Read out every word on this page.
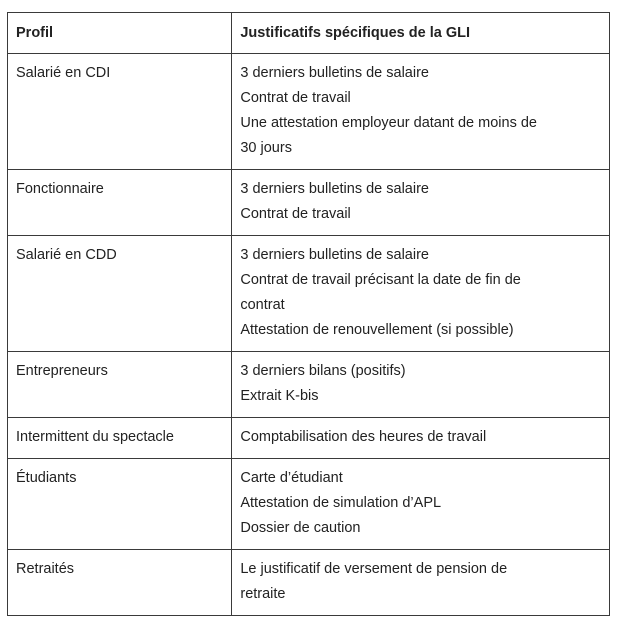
Profil	Justificatifs spécifiques de la GLI
Salarié en CDI	3 derniers bulletins de salaire
Contrat de travail
Une attestation employeur datant de moins de
30 jours

Fonctionnaire	3 derniers bulletins de salaire
Contrat de travail

Salarié en CDD	3 derniers bulletins de salaire
Contrat de travail précisant la date de fin de
contrat
Attestation de renouvellement (si possible)

Entrepreneurs	3 derniers bilans (positifs)
Extrait K-bis

Intermittent du spectacle	Comptabilisation des heures de travail

Étudiants	Carte d’étudiant
Attestation de simulation d’APL
Dossier de caution

Retraités	Le justificatif de versement de pension de
retraite
